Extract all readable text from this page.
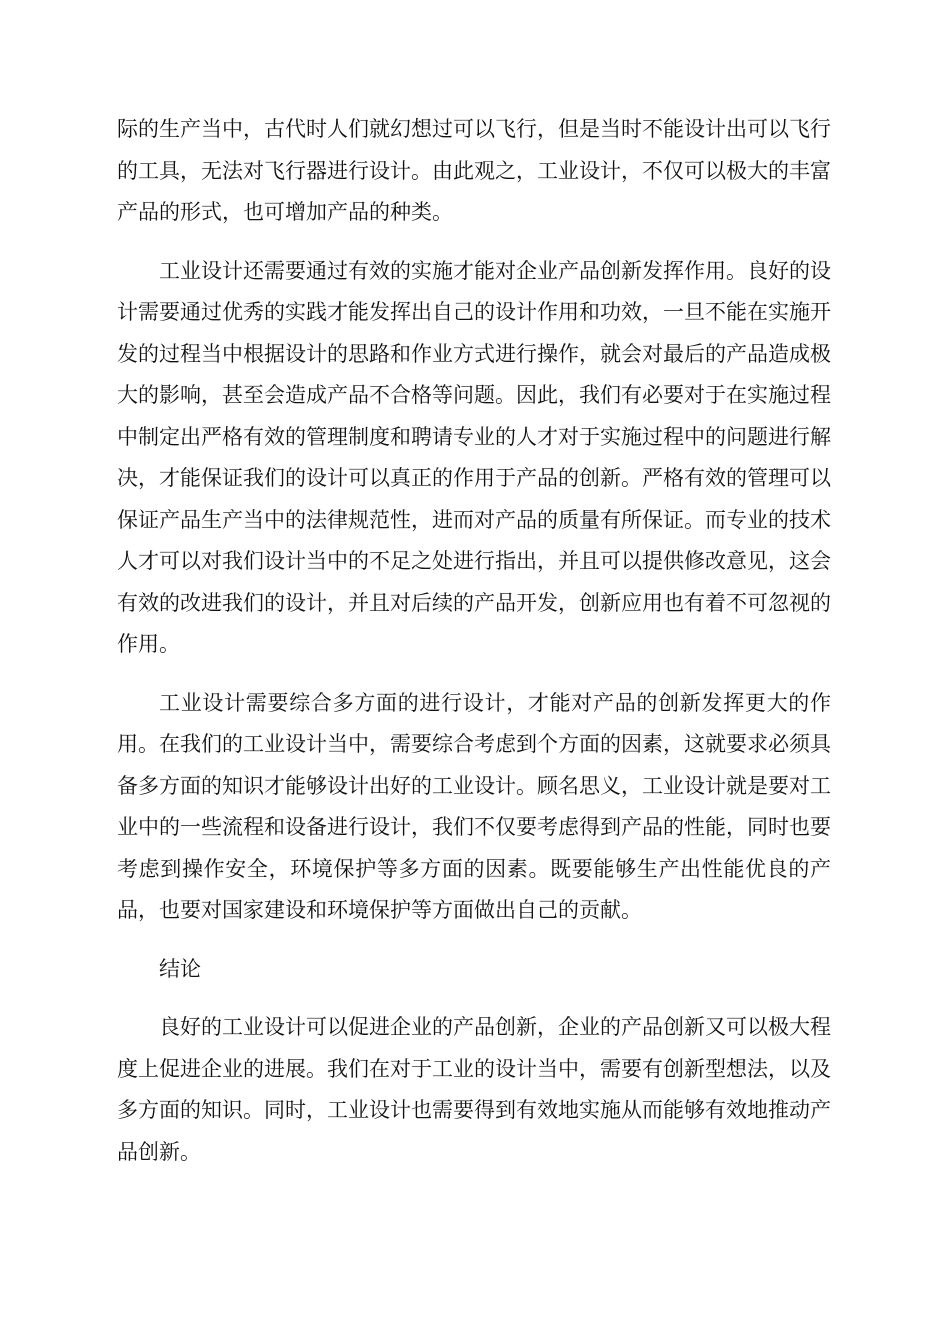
际的生产当中，古代时人们就幻想过可以飞行，但是当时不能设计出可以飞行的工具，无法对飞行器进行设计。由此观之，工业设计，不仅可以极大的丰富产品的形式，也可增加产品的种类。

工业设计还需要通过有效的实施才能对企业产品创新发挥作用。良好的设计需要通过优秀的实践才能发挥出自己的设计作用和功效，一旦不能在实施开发的过程当中根据设计的思路和作业方式进行操作，就会对最后的产品造成极大的影响，甚至会造成产品不合格等问题。因此，我们有必要对于在实施过程中制定出严格有效的管理制度和聘请专业的人才对于实施过程中的问题进行解决，才能保证我们的设计可以真正的作用于产品的创新。严格有效的管理可以保证产品生产当中的法律规范性，进而对产品的质量有所保证。而专业的技术人才可以对我们设计当中的不足之处进行指出，并且可以提供修改意见，这会有效的改进我们的设计，并且对后续的产品开发，创新应用也有着不可忽视的作用。

工业设计需要综合多方面的进行设计，才能对产品的创新发挥更大的作用。在我们的工业设计当中，需要综合考虑到个方面的因素，这就要求必须具备多方面的知识才能够设计出好的工业设计。顾名思义，工业设计就是要对工业中的一些流程和设备进行设计，我们不仅要考虑得到产品的性能，同时也要考虑到操作安全，环境保护等多方面的因素。既要能够生产出性能优良的产品，也要对国家建设和环境保护等方面做出自己的贡献。

结论

良好的工业设计可以促进企业的产品创新，企业的产品创新又可以极大程度上促进企业的进展。我们在对于工业的设计当中，需要有创新型想法，以及多方面的知识。同时，工业设计也需要得到有效地实施从而能够有效地推动产品创新。
